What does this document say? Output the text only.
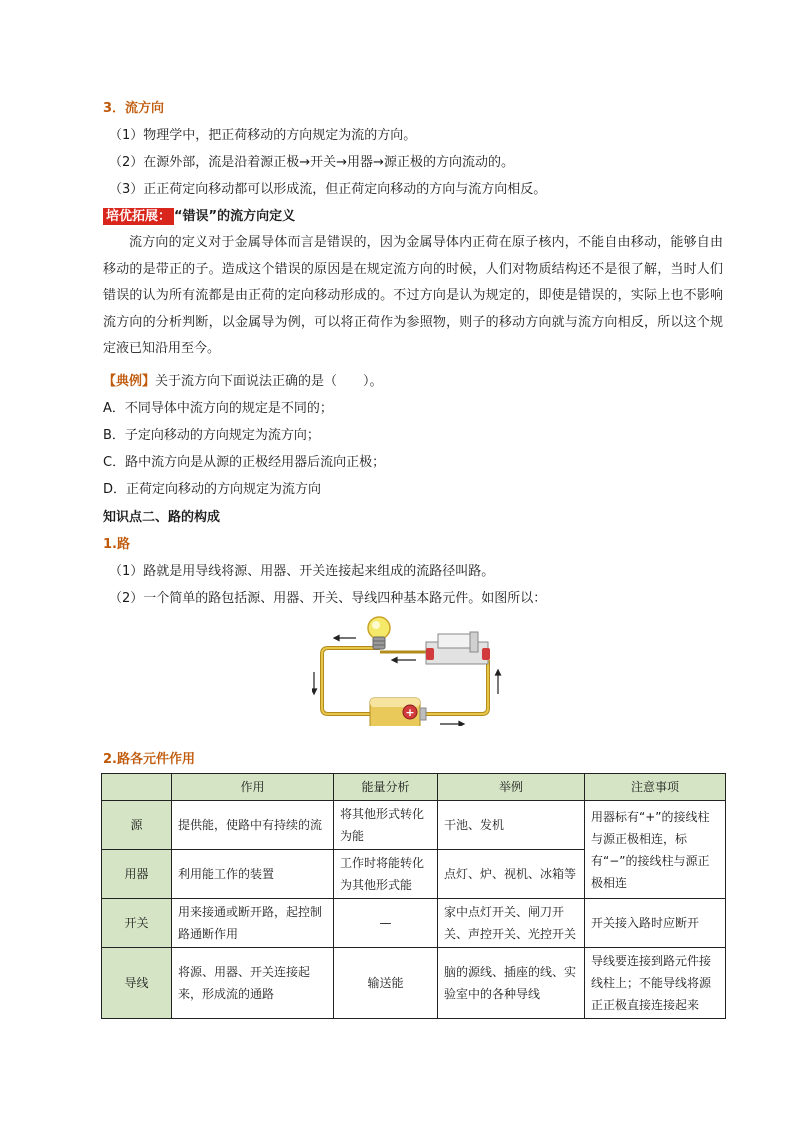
3．流方向
（1）物理学中，把正荷移动的方向规定为流的方向。
（2）在源外部，流是沿着源正极→开关→用器→源正极的方向流动的。
（3）正正荷定向移动都可以形成流，但正荷定向移动的方向与流方向相反。
培优拓展： “错误”的流方向定义
流方向的定义对于金属导体而言是错误的，因为金属导体内正荷在原子核内，不能自由移动，能够自由移动的是带正的子。造成这个错误的原因是在规定流方向的时候，人们对物质结构还不是很了解，当时人们错误的认为所有流都是由正荷的定向移动形成的。不过方向是认为规定的，即使是错误的，实际上也不影响流方向的分析判断，以金属导为例，可以将正荷作为参照物，则子的移动方向就与流方向相反，所以这个规定液已知沿用至今。
【典例】关于流方向下面说法正确的是（　　）。
A．不同导体中流方向的规定是不同的；
B．子定向移动的方向规定为流方向；
C．路中流方向是从源的正极经用器后流向正极；
D．正荷定向移动的方向规定为流方向
知识点二、路的构成
1.路
（1）路就是用导线将源、用器、开关连接起来组成的流路径叫路。
（2）一个简单的路包括源、用器、开关、导线四种基本路元件。如图所以：
+
2.路各元件作用
	作用	能量分析	举例	注意事项
源	提供能，使路中有持续的流	将其他形式转化为能	干池、发机	用器标有“+”的接线柱与源正极相连，标有“−”的接线柱与源正极相连
用器	利用能工作的装置	工作时将能转化为其他形式能	点灯、炉、视机、冰箱等	
开关	用来接通或断开路，起控制路通断作用	—	家中点灯开关、闸刀开关、声控开关、光控开关	开关接入路时应断开
导线	将源、用器、开关连接起来，形成流的通路	输送能	脑的源线、插座的线、实验室中的各种导线	导线要连接到路元件接线柱上；不能导线将源正正极直接连接起来
